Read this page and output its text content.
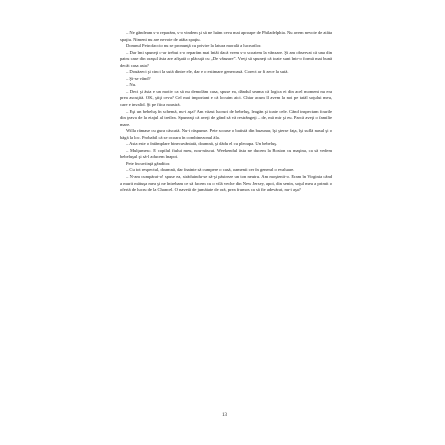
– Ne gândeam s-o reparăm, s-o vindem şi să ne luăm ceva mai aproape de Philadelphia. Nu avem nevoie de atâta spaţiu. Nimeni nu are nevoie de atâta spaţiu.

Domnul Petrofaccio nu se pronunţă cu privire la latura morală a lucrurilor.

– Dar îmi spuneţi c-ar trebui s-o reparăm mai întâi dacă vrem s-o scoatem la vânzare. Şi am observat că una din patru case din oraşul ăsta are afişată o plăcuţă cu „De vânzare”. Vreţi să spuneţi că toate sunt într-o formă mai bună decât casa asta?

– Douăzeci şi cinci la sută dintre ele, dar e o estimare generoasă. Corect ar fi zece la sută.

– Şi-se vând?

– Nu.

– Deci şi ăsta e un motiv ca să nu demolăm casa, spuse ea, dândul seama că logica ei din acel moment nu era prea ascuţită. OK, ştiţi ceva? Cel mai important e că locuim aici. Chiar acum îl avem la noi pe tatăl soţului meu, care e invalid. Şi pe fiica noastră.

– Eşi un bebeluş în schemă, nu-i aşa? Am văzut lucruri de bebeluş, leagăn şi toate cele. Când inspectam fourile din ţeava de la etajul al treilea. Spuneaţi că aveţi de gând să vă restrângeţi – de, mă mir şi eu. Parcă aveţi o familie mare.

Willa rămase cu gura căscată. Nu-i răspunse. Pete scoase o batistă din buzunar, îşi şterse faţa, îşi suflă nasul şi o băgă la loc. Probabil că se ocoara în combinezonul ăla.

– Asta este o întâmplare binecuvântată, doamnă, şi dădu el cu pleoapa. Un bebeluş.

– Mulţumesc. E copilul fiului meu, nou-născut. Weekendul ăsta ne ducem la Boston cu maşina, ca să vedem bebeluşul şi să-l aducem înapoi.

Pete încuviinţă gânditor.

– Cu tot respectul, doamnă, dar înainte să cumpere o casă, oamenii cer în general o evaluare.

– N-am cumpărat-o! spuse ea, străduindu-se să-şi păstreze un ton neutru. Am moştenit-o. Eram în Virginia când a murit mătuşa mea şi ne întrebam ce să facem cu o vilă veche din New Jersey, apoi, din senin, soţul meu a primit o ofertă de lucru de la Chancel. O navetă de jumătate de oră, prea frumos ca să fie adevărat, nu-i aşa?

13
